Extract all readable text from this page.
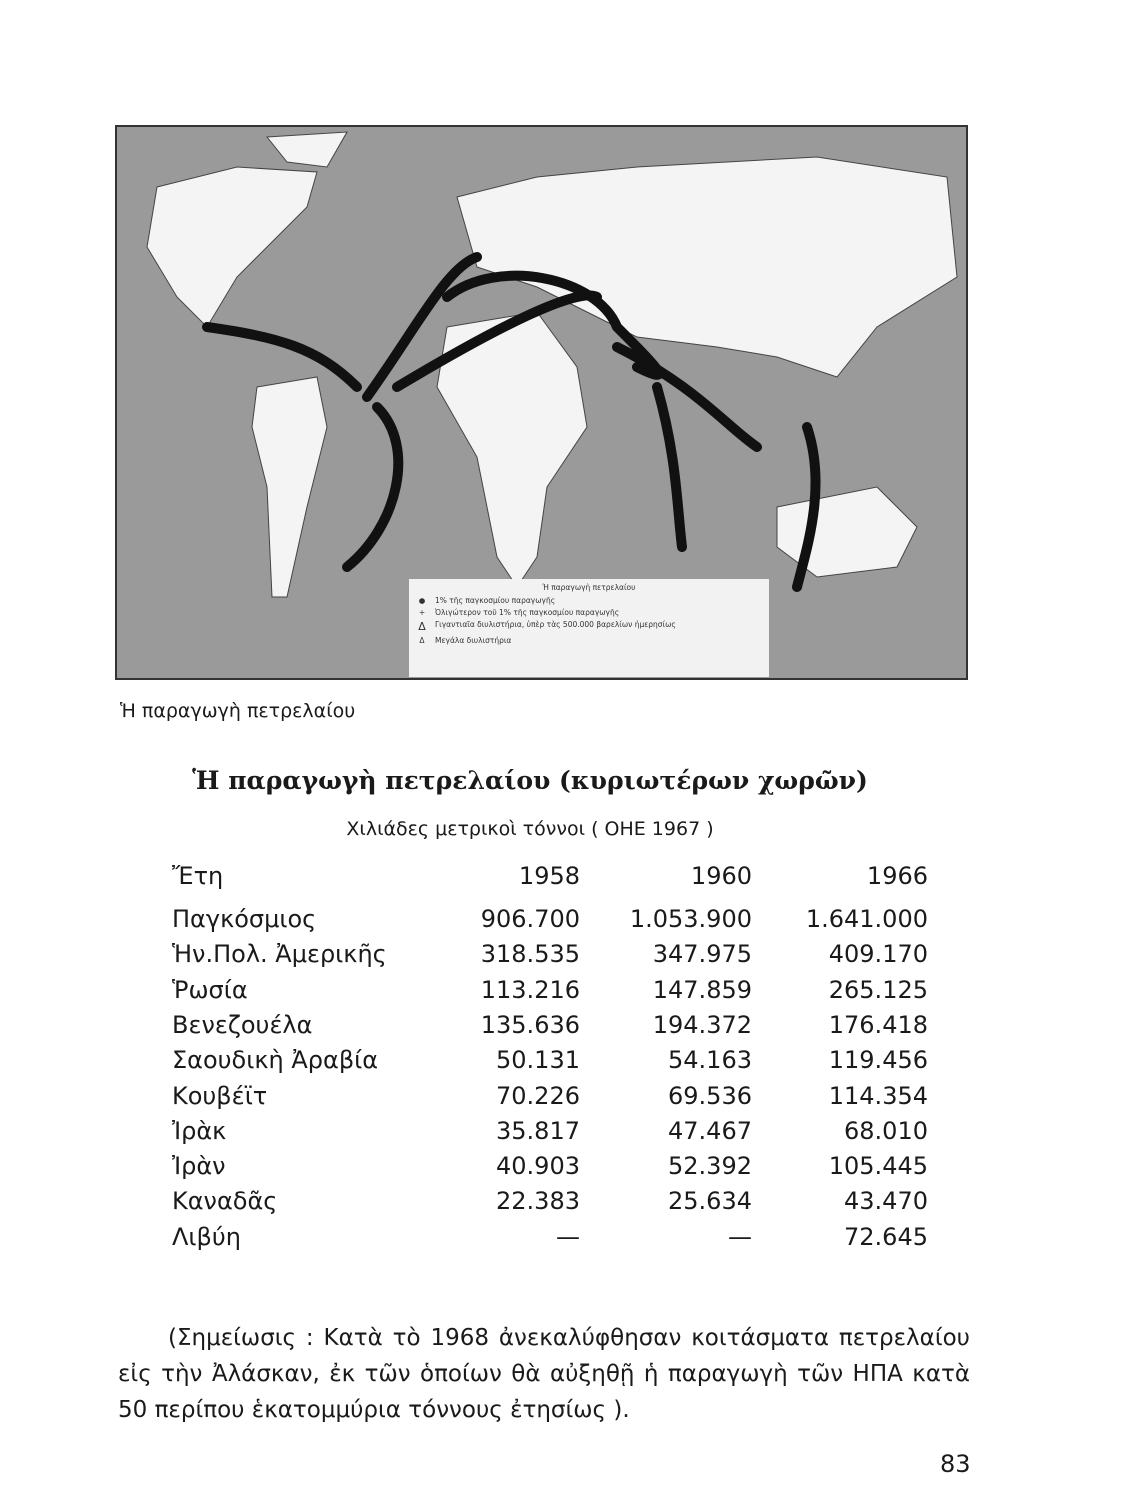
Ἡ παραγωγὴ πετρελαίου
● 1% τῆς παγκοσμίου παραγωγῆς
+ Ὀλιγώτερον τοῦ 1% τῆς παγκοσμίου παραγωγῆς
Δ Γιγαντιαῖα διυλιστήρια, ὑπὲρ τὰς 500.000 βαρελίων ἡμερησίως
Δ	Μεγάλα διυλιστήρια
Ἡ παραγωγὴ πετρελαίου
Ἡ παραγωγὴ πετρελαίου (κυριωτέρων χωρῶν)
Χιλιάδες μετρικοὶ τόννοι ( ΟΗΕ 1967 )
Ἔτη	1958	1960	1966
Παγκόσμιος	906.700 1.053.900 1.641.000
Ἡν.Πολ. Ἀμερικῆς	318.535	347.975	409.170
Ῥωσία	113.216	147.859	265.125
Βενεζουέλα	135.636	194.372	176.418
Σαουδικὴ Ἀραβία	50.131	54.163	119.456
Κουβέϊτ	70.226	69.536	114.354
Ἰρὰκ	35.817	47.467	68.010
Ἰρὰν	40.903	52.392	105.445
Καναδᾶς	22.383	25.634	43.470
Λιβύη	—	—	72.645
(Σημείωσις : Κατὰ τὸ 1968 ἀνεκαλύφθησαν κοιτάσματα πετρελαίου εἰς τὴν Ἀλάσκαν, ἐκ τῶν ὁποίων θὰ αὐξηθῇ ἡ παραγωγὴ τῶν ΗΠΑ κατὰ 50 περίπου ἑκατομμύρια τόννους ἐτησίως ).
83
